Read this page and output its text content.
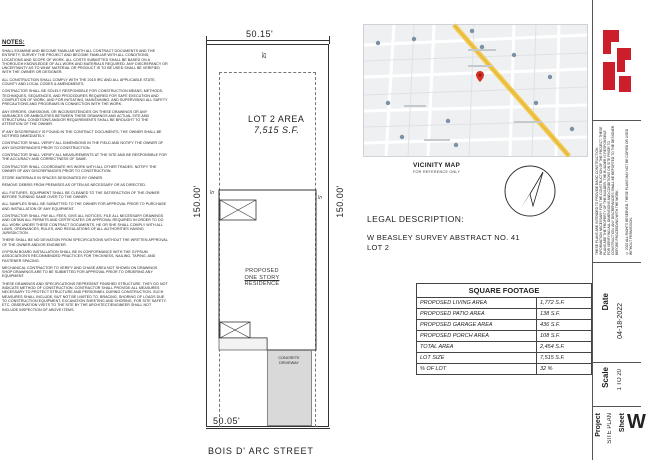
NOTES:

SHALL EXAMINE AND BECOME FAMILIAR WITH ALL CONTRACT DOCUMENTS AND THE ENTIRETY, SURVEY THE PROJECT AND BECOME FAMILIAR WITH ALL CONDITIONS, LOCATIONS AND SCOPE OF WORK. ALL COSTS SUBMITTED SHALL BE BASED ON A THOROUGH KNOWLEDGE OF ALL WORK AND MATERIALS REQUIRED. ANY DISCREPANCY OR UNCERTAINTY AS TO WHAT MATERIAL OR PRODUCT IS TO BE USED SHALL BE VERIFIED WITH THE OWNER OR DESIGNER.

ALL CONSTRUCTION SHALL COMPLY WITH THE 2015 IRC AND ALL APPLICABLE STATE, COUNTY AND LOCAL CODES & AMENDMENTS.

CONTRACTOR SHALL BE SOLELY RESPONSIBLE FOR CONSTRUCTION MEANS, METHODS, TECHNIQUES, SEQUENCES, AND PROCEDURES REQUIRED FOR SAFE EXECUTION AND COMPLETION OF WORK, AND FOR INITIATING, MAINTAINING, AND SUPERVISING ALL SAFETY PRECAUTIONS AND PROGRAMS IN CONNECTION WITH THE WORK.

ANY ERRORS, OMISSIONS, OR INCONSISTENCIES ON THESE DRAWINGS OR ANY VARIANCES OR AMBIGUITIES BETWEEN THESE DRAWINGS AND ACTUAL SITE AND STRUCTURAL CONDITIONS AND/OR REQUIREMENTS SHALL BE BROUGHT TO THE ATTENTION OF THE OWNER.

IF ANY DISCREPANCY IS FOUND IN THE CONTRACT DOCUMENTS, THE OWNER SHALL BE NOTIFIED IMMEDIATELY.

CONTRACTOR SHALL VERIFY ALL DIMENSIONS IN THE FIELD AND NOTIFY THE OWNER OF ANY DISCREPANCIES PRIOR TO CONSTRUCTION.

CONTRACTOR SHALL VERIFY ALL MEASUREMENTS AT THE SITE AND BE RESPONSIBLE FOR THE ACCURACY AND CORRECTNESS OF SAME.

CONTRACTOR SHALL COORDINATE HIS WORK WITH ALL OTHER TRADES. NOTIFY THE OWNER OF ANY DISCREPANCIES PRIOR TO CONSTRUCTION.

STORE MATERIALS IN SPACES DESIGNATED BY OWNER.

REMOVE DEBRIS FROM PREMISES AS OFTEN AS NECESSARY OR AS DIRECTED.

ALL FIXTURES, EQUIPMENT SHALL BE CLEANED TO THE SATISFACTION OF THE OWNER BEFORE TURNING SAME OVER TO THE OWNER.

ALL SAMPLES SHALL BE SUBMITTED TO THE OWNER FOR APPROVAL PRIOR TO PURCHASE AND INSTALLATION OF ANY EQUIPMENT.

CONTRACTOR SHALL PAY ALL FEES, GIVE ALL NOTICES, FILE ALL NECESSARY DRAWINGS AND OBTAIN ALL PERMITS AND CERTIFICATES OR APPROVAL REQUIRED IN ORDER TO DO ALL WORK UNDER THESE CONTRACT DOCUMENTS. HE OR SHE SHALL COMPLY WITH ALL LAWS, ORDINANCES, RULES, AND REGULATIONS OF ALL AUTHORITIES HAVING JURISDICTION.

THERE SHALL BE NO DEVIATION FROM SPECIFICATIONS WITHOUT THE WRITTEN APPROVAL OF THE OWNER AND/OR ENGINEER.

GYPSUM BOARD INSTALLATION SHALL BE IN CONFORMANCE WITH THE GYPSUM ASSOCIATION'S RECOMMENDED PRACTICES FOR THICKNESS, NAILING, TAPING, AND FASTENER SPACING.

MECHANICAL CONTRACTOR TO VERIFY AND CHASE AREA NOT SHOWN ON DRAWINGS. SHOP DRAWINGS ARE TO BE SUBMITTED FOR APPROVAL PRIOR TO ORDERING ANY EQUIPMENT.

THESE DRAWINGS AND SPECIFICATIONS REPRESENT FINISHED STRUCTURE. THEY DO NOT INDICATE METHOD OF CONSTRUCTION. CONTRACTOR SHALL PROVIDE ALL MEASURES NECESSARY TO PROTECT STRUCTURE AND PERSONNEL DURING CONSTRUCTION. SUCH MEASURES SHALL INCLUDE, BUT NOT BE LIMITED TO, BRACING, SHORING OF LOADS DUE TO CONSTRUCTION EQUIPMENT, EXCAVATION SHEETING AND SHORING, FOR SITE SAFETY, ETC. OBSERVATION VISITS TO THE SITE BY THE ARCHITECT/ENGINEER SHALL NOT INCLUDE INSPECTION OF ABOVE ITEMS.

50.15'
25'
5'
5'
150.00'	150.00'
LOT 2 AREA
7,515 S.F.
PROPOSED
ONE STORY
RESIDENCE
CONCRETE
DRIVEWAY
50.05'
BOIS D' ARC STREET
VICINITY MAP
FOR REFERENCE ONLY
LEGAL DESCRIPTION:
W BEASLEY SURVEY ABSTRACT NO. 41
LOT 2
SQUARE FOOTAGE
PROPOSED LIVING AREA	1,772 S.F.
PROPOSED PATIO AREA	138 S.F.
PROPOSED GARAGE AREA	436 S.F.
PROPOSED PORCH AREA	108 S.F.
TOTAL AREA	2,454 S.F.
LOT SIZE	7,515 S.F.
% OF LOT	32 %
THESE PLANS ARE INTENDED TO PROVIDE BASIC CONSTRUCTION INFORMATION NECESSARY FOR THE CONSTRUCTION OF THE PROJECT. THESE PLANS ARE THE PROPERTY OF THE BUILDER. THE BUILDER IS RESPONSIBLE FOR VERIFYING ALL DIMENSIONS AND CONDITIONS ON SITE PRIOR TO CONSTRUCTION. ANY DISCREPANCIES SHALL BE REPORTED TO THE DESIGNER BEFORE PROCEEDING WITH THE WORK. © 2022 ALL RIGHTS RESERVED. THESE PLANS MAY NOT BE COPIED OR USED WITHOUT PERMISSION.
Date
04-18-2022
Scale 1 TO 20
Project SITE PLAN Sheet W
